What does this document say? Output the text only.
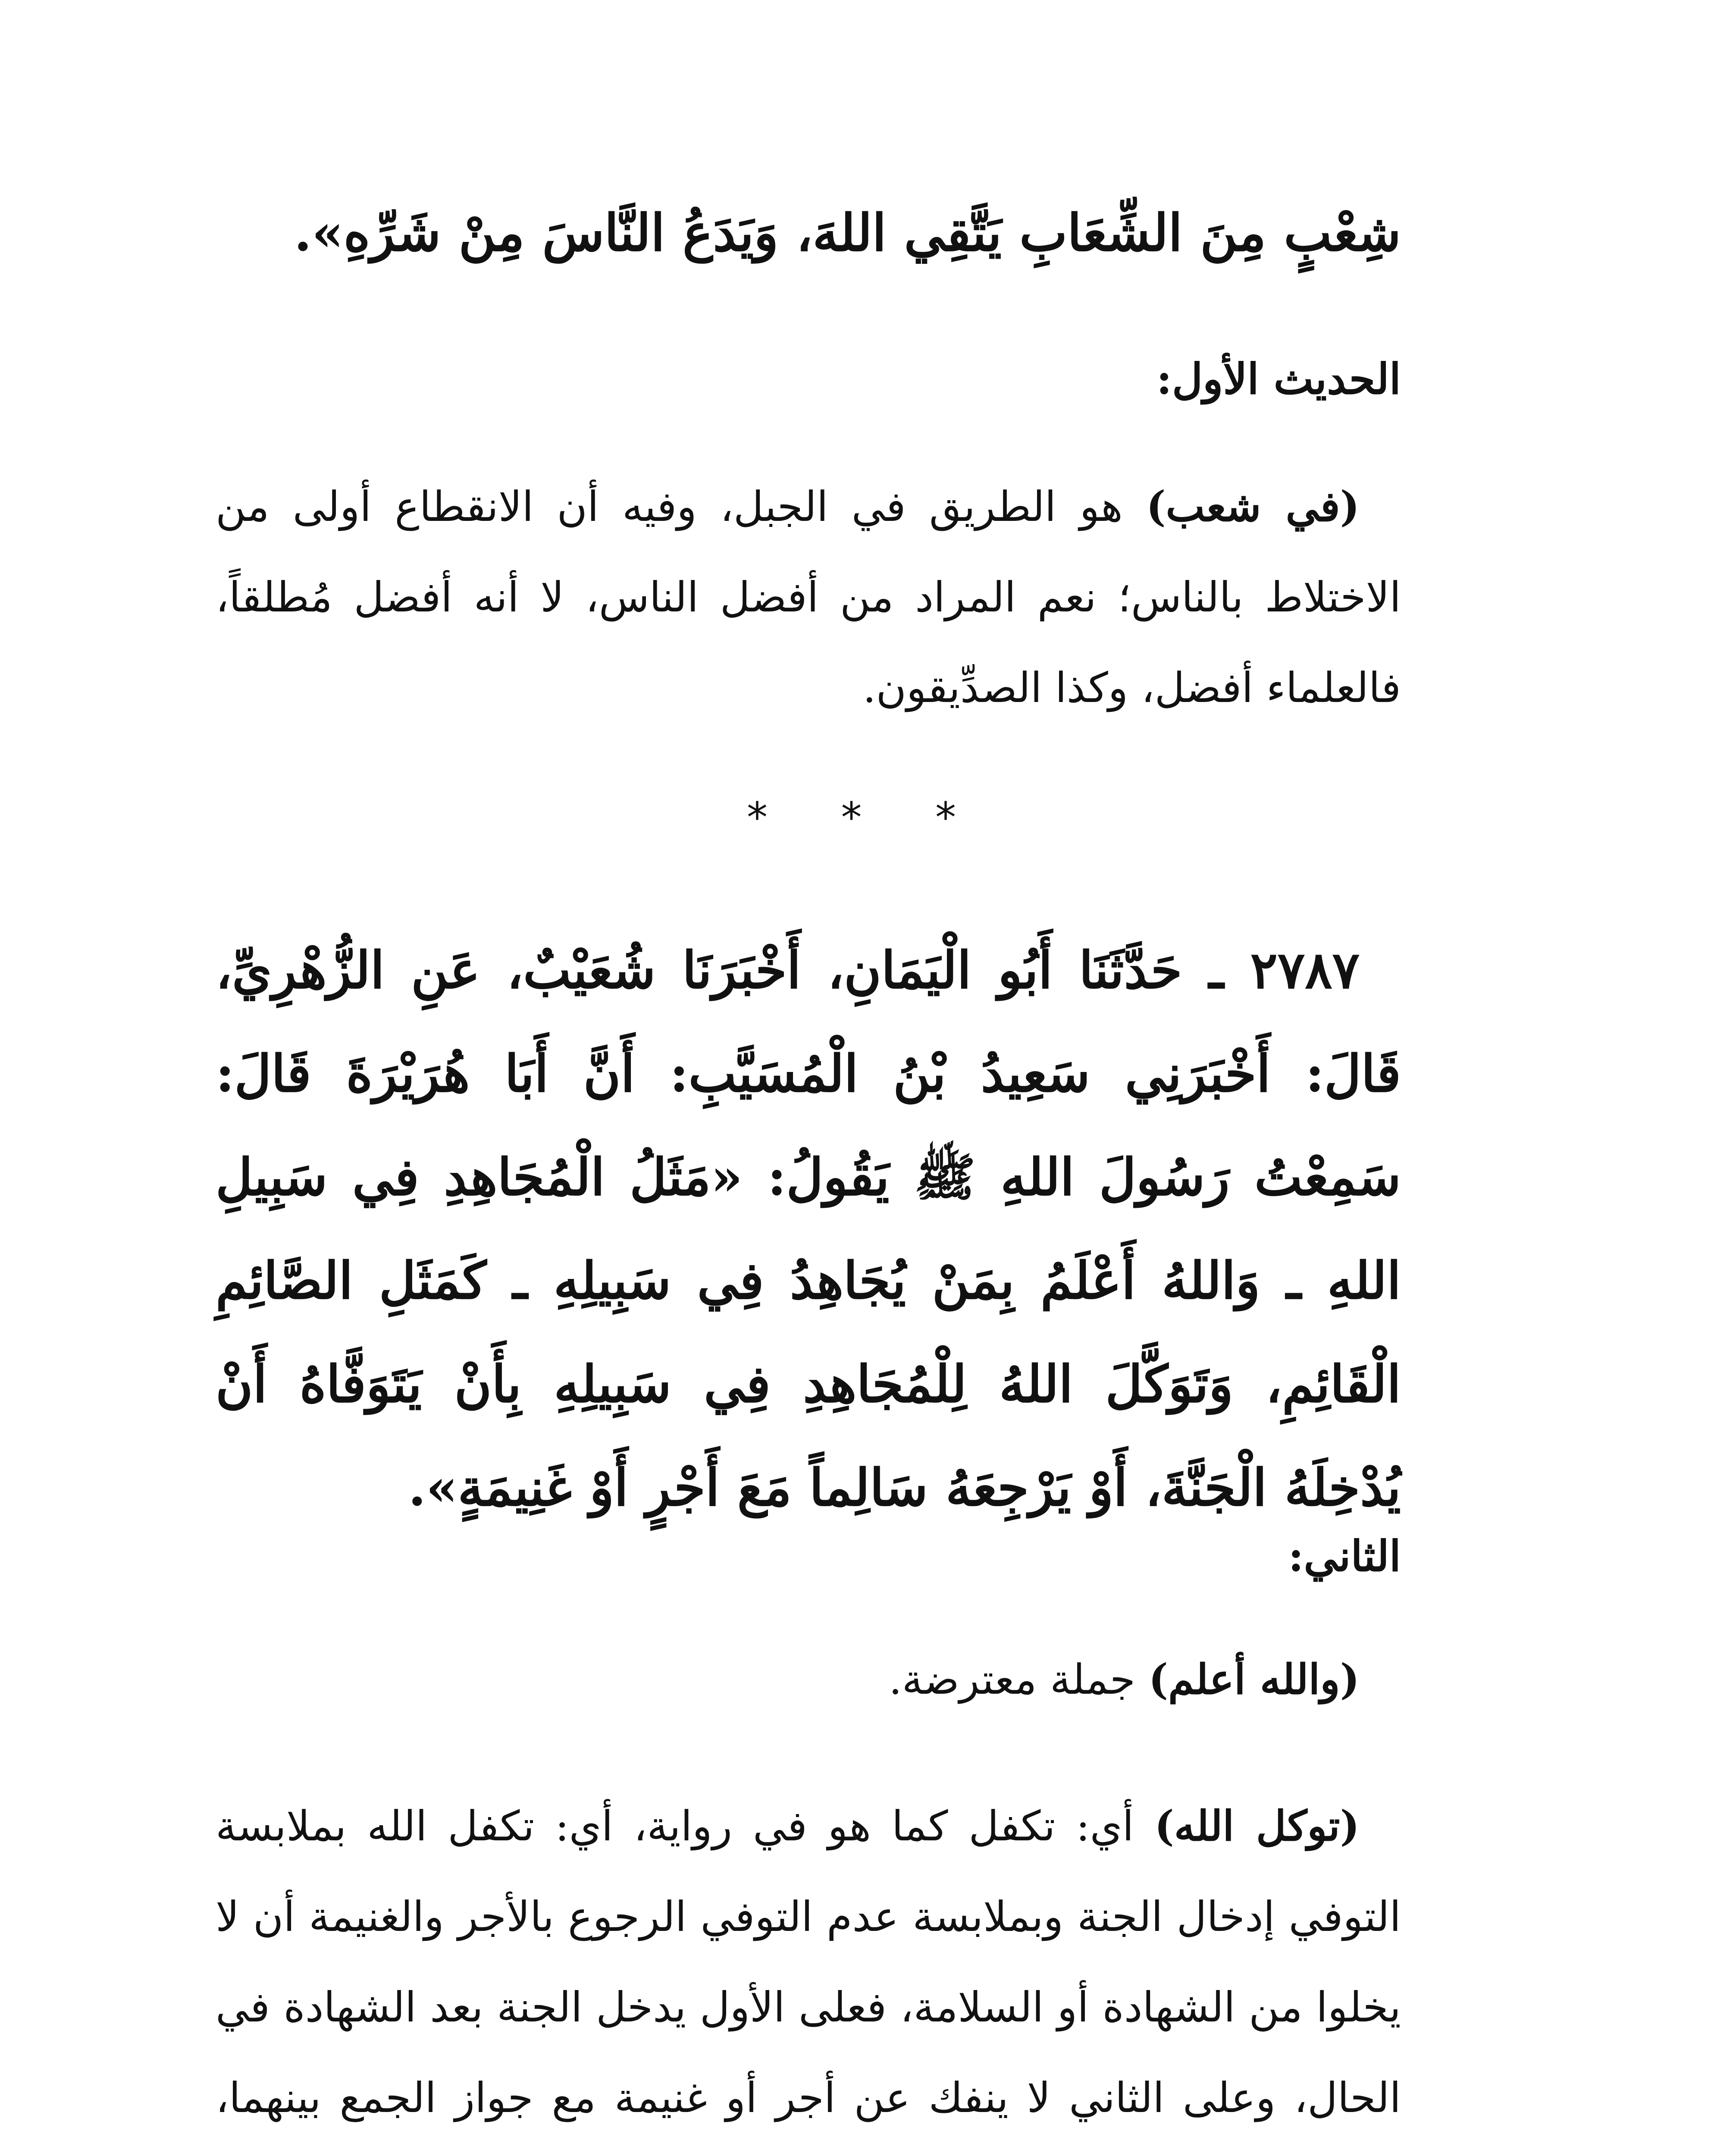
شِعْبٍ مِنَ الشِّعَابِ يَتَّقِي اللهَ، وَيَدَعُ النَّاسَ مِنْ شَرِّهِ».
الحديث الأول:
(في شعب) هو الطريق في الجبل، وفيه أن الانقطاع أولى من الاختلاط بالناس؛ نعم المراد من أفضل الناس، لا أنه أفضل مُطلقاً، فالعلماء أفضل، وكذا الصدِّيقون.
* * *
٢٧٨٧ ـ حَدَّثَنَا أَبُو الْيَمَانِ، أَخْبَرَنَا شُعَيْبٌ، عَنِ الزُّهْرِيِّ، قَالَ: أَخْبَرَنِي سَعِيدُ بْنُ الْمُسَيَّبِ: أَنَّ أَبَا هُرَيْرَةَ قَالَ: سَمِعْتُ رَسُولَ اللهِ ﷺ يَقُولُ: «مَثَلُ الْمُجَاهِدِ فِي سَبِيلِ اللهِ ـ وَاللهُ أَعْلَمُ بِمَنْ يُجَاهِدُ فِي سَبِيلِهِ ـ كَمَثَلِ الصَّائِمِ الْقَائِمِ، وَتَوَكَّلَ اللهُ لِلْمُجَاهِدِ فِي سَبِيلِهِ بِأَنْ يَتَوَفَّاهُ أَنْ يُدْخِلَهُ الْجَنَّةَ، أَوْ يَرْجِعَهُ سَالِماً مَعَ أَجْرٍ أَوْ غَنِيمَةٍ».
الثاني:
(والله أعلم) جملة معترضة.
(توكل الله) أي: تكفل كما هو في رواية، أي: تكفل الله بملابسة التوفي إدخال الجنة وبملابسة عدم التوفي الرجوع بالأجر والغنيمة أن لا يخلوا من الشهادة أو السلامة، فعلى الأول يدخل الجنة بعد الشهادة في الحال، وعلى الثاني لا ينفك عن أجر أو غنيمة مع جواز الجمع بينهما،
